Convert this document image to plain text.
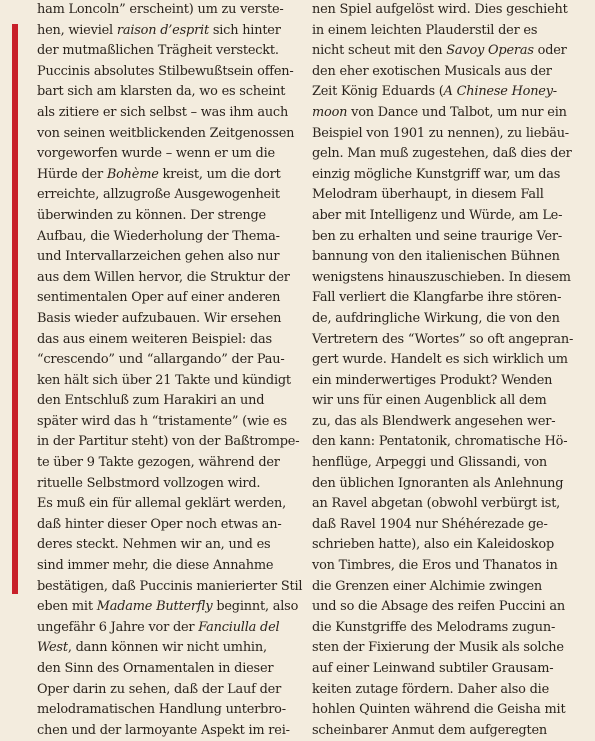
ham Loncoln” erscheint) um zu verste-
hen, wieviel raison d’esprit sich hinter
der mutmaßlichen Trägheit versteckt.
Puccinis absolutes Stilbewußtsein offen-
bart sich am klarsten da, wo es scheint
als zitiere er sich selbst – was ihm auch
von seinen weitblickenden Zeitgenossen
vorgeworfen wurde – wenn er um die
Hürde der Bohème kreist, um die dort
erreichte, allzugroße Ausgewogenheit
überwinden zu können. Der strenge
Aufbau, die Wiederholung der Thema-
und Intervallarzeichen gehen also nur
aus dem Willen hervor, die Struktur der
sentimentalen Oper auf einer anderen
Basis wieder aufzubauen. Wir ersehen
das aus einem weiteren Beispiel: das
“crescendo” und “allargando” der Pau-
ken hält sich über 21 Takte und kündigt
den Entschluß zum Harakiri an und
später wird das h “tristamente” (wie es
in der Partitur steht) von der Baßtrompe-
te über 9 Takte gezogen, während der
rituelle Selbstmord vollzogen wird.
Es muß ein für allemal geklärt werden,
daß hinter dieser Oper noch etwas an-
deres steckt. Nehmen wir an, und es
sind immer mehr, die diese Annahme
bestätigen, daß Puccinis manierierter Stil
eben mit Madame Butterfly beginnt, also
ungefähr 6 Jahre vor der Fanciulla del
West, dann können wir nicht umhin,
den Sinn des Ornamentalen in dieser
Oper darin zu sehen, daß der Lauf der
melodramatischen Handlung unterbro-
chen und der larmoyante Aspekt im rei-
nen Spiel aufgelöst wird. Dies geschieht
in einem leichten Plauderstil der es
nicht scheut mit den Savoy Operas oder
den eher exotischen Musicals aus der
Zeit König Eduards (A Chinese Honey-
moon von Dance und Talbot, um nur ein
Beispiel von 1901 zu nennen), zu liebäu-
geln. Man muß zugestehen, daß dies der
einzig mögliche Kunstgriff war, um das
Melodram überhaupt, in diesem Fall
aber mit Intelligenz und Würde, am Le-
ben zu erhalten und seine traurige Ver-
bannung von den italienischen Bühnen
wenigstens hinauszuschieben. In diesem
Fall verliert die Klangfarbe ihre stören-
de, aufdringliche Wirkung, die von den
Vertretern des “Wortes” so oft angepran-
gert wurde. Handelt es sich wirklich um
ein minderwertiges Produkt? Wenden
wir uns für einen Augenblick all dem
zu, das als Blendwerk angesehen wer-
den kann: Pentatonik, chromatische Hö-
henflüge, Arpeggi und Glissandi, von
den üblichen Ignoranten als Anlehnung
an Ravel abgetan (obwohl verbürgt ist,
daß Ravel 1904 nur Shéhérezade ge-
schrieben hatte), also ein Kaleidoskop
von Timbres, die Eros und Thanatos in
die Grenzen einer Alchimie zwingen
und so die Absage des reifen Puccini an
die Kunstgriffe des Melodrams zugun-
sten der Fixierung der Musik als solche
auf einer Leinwand subtiler Grausam-
keiten zutage fördern. Daher also die
hohlen Quinten während die Geisha mit
scheinbarer Anmut dem aufgeregten
